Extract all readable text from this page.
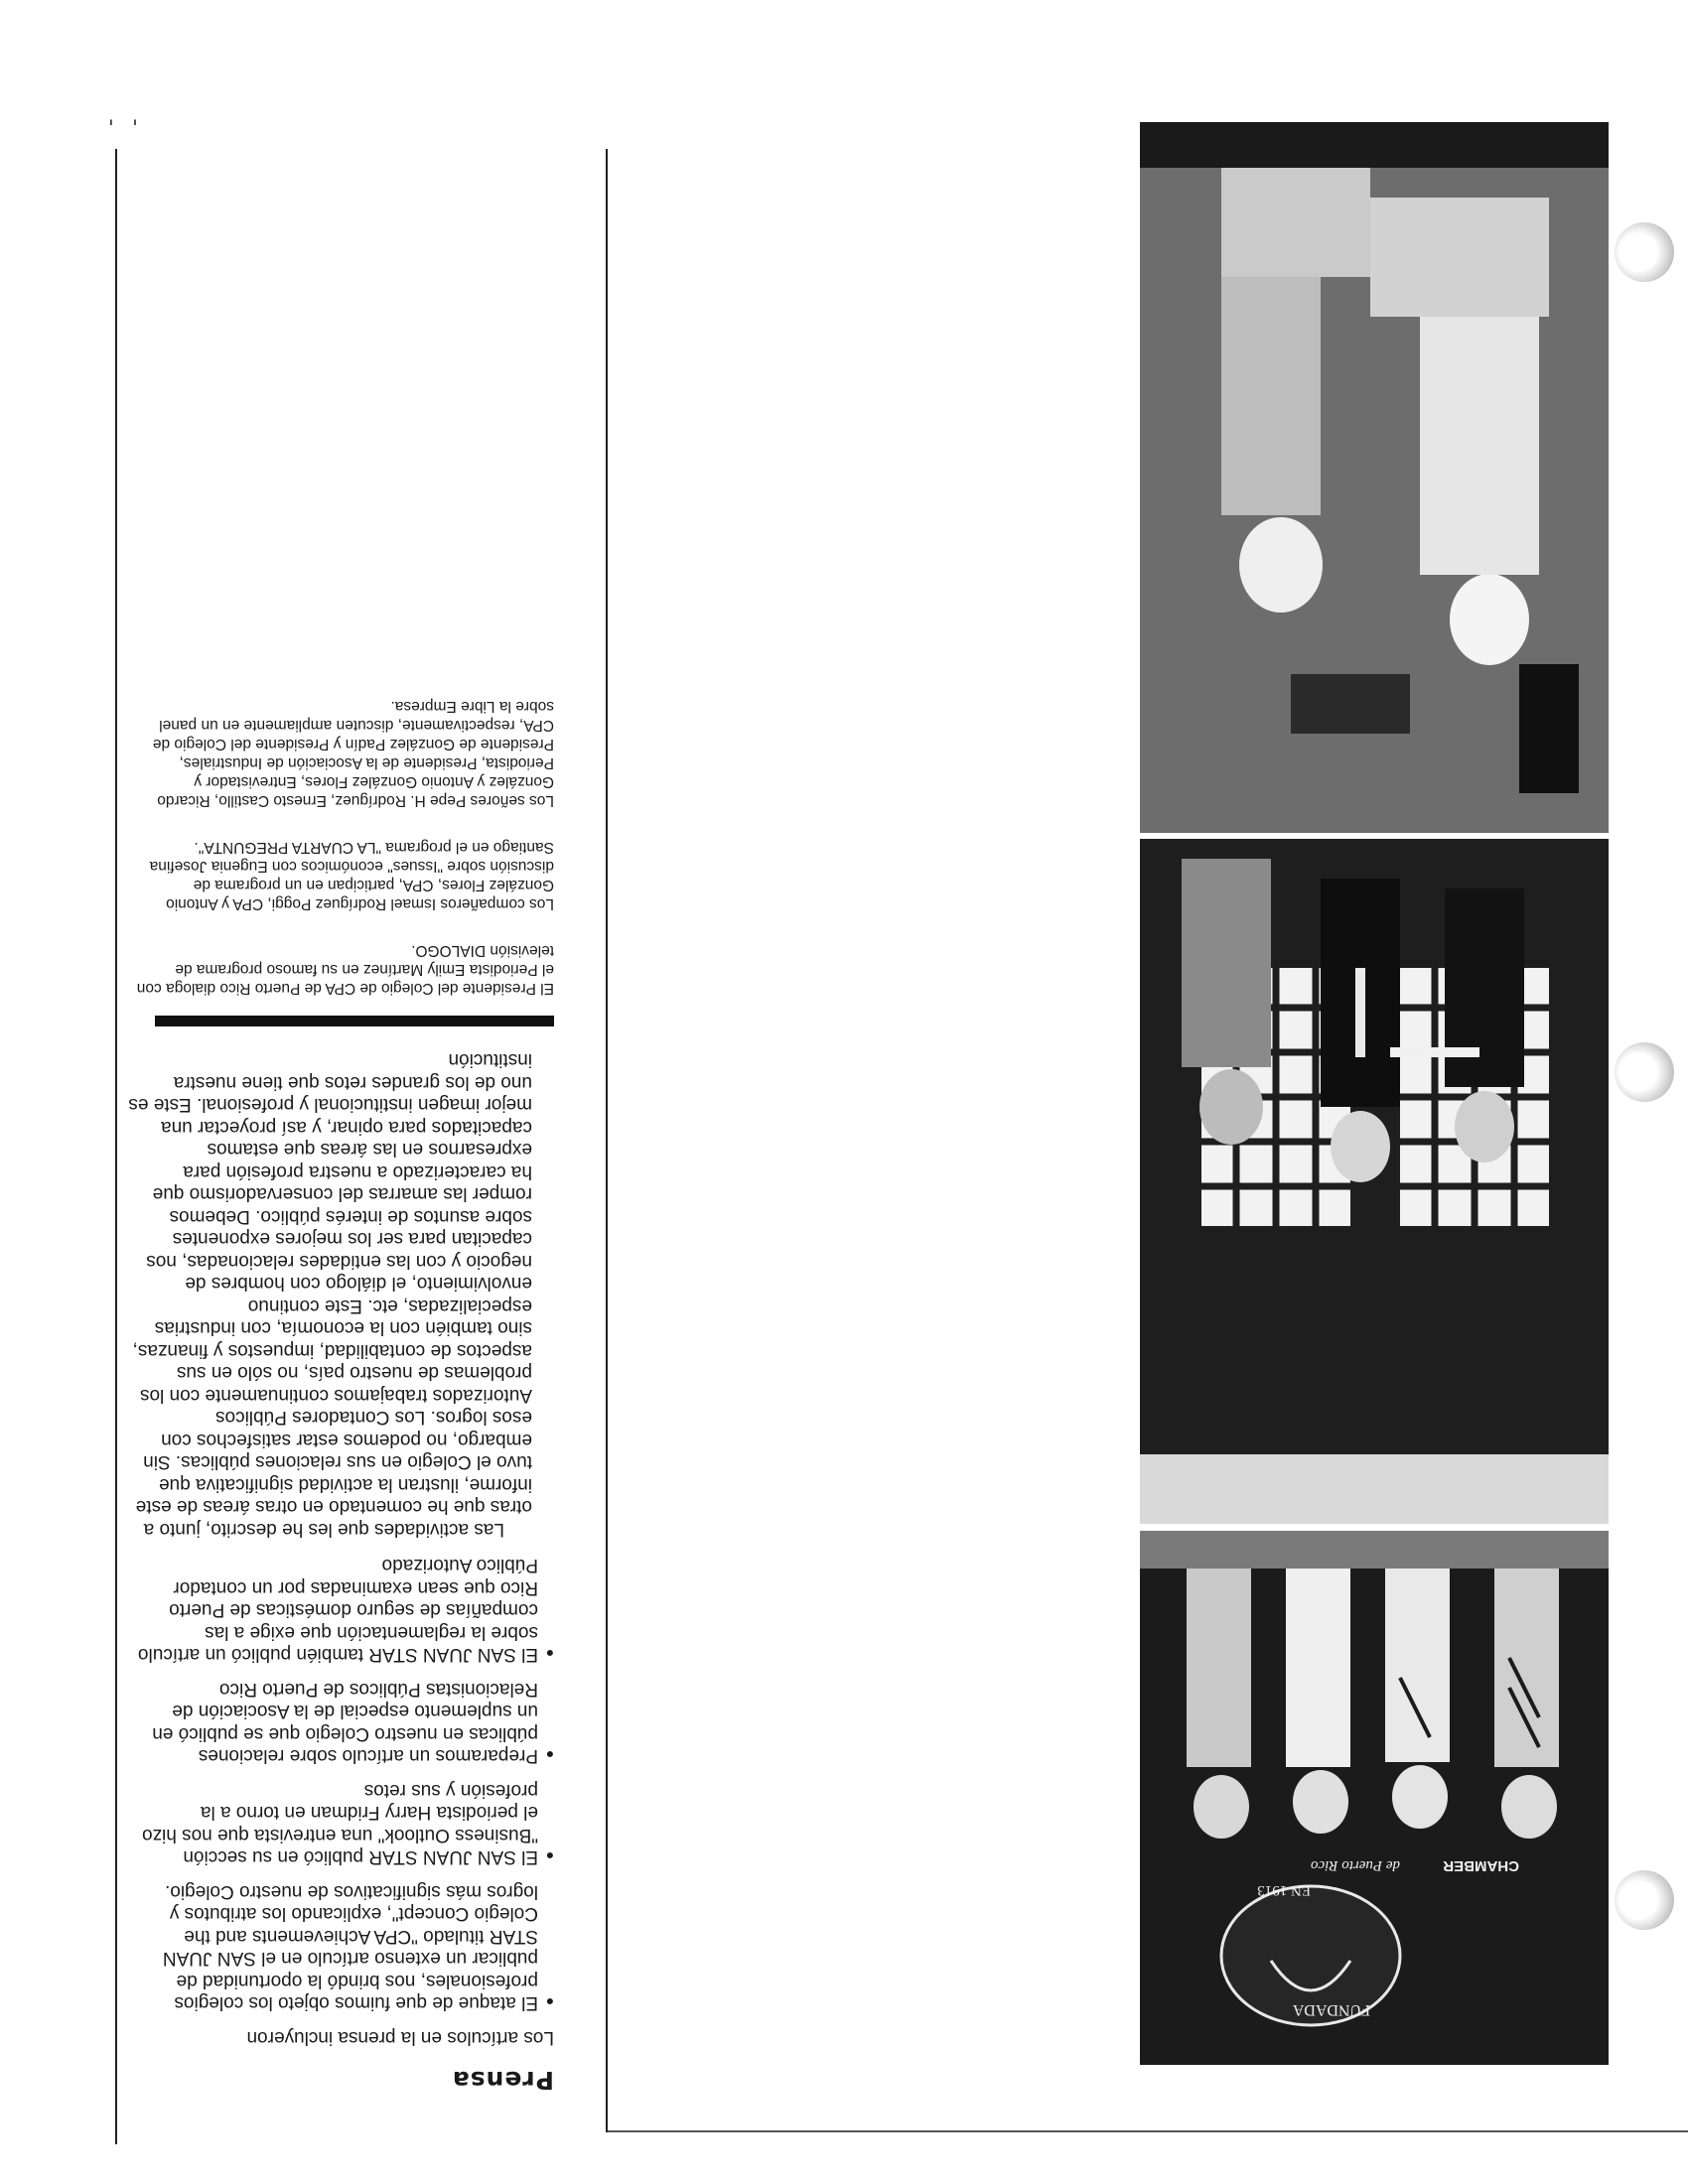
Prensa

Los artículos en la prensa incluyeron

●
El ataque de que fuimos objeto los colegios profesionales, nos brindó la oportunidad de publicar un extenso artículo en el SAN JUAN STAR titulado "CPA Achievements and the Colegio Concept", explicando los atributos y logros más significativos de nuestro Colegio.
●
El SAN JUAN STAR publicó en su sección "Business Outlook" una entrevista que nos hizo el periodista Harry Fridman en torno a la profesión y sus retos
●
Preparamos un artículo sobre relaciones públicas en nuestro Colegio que se publicó en un suplemento especial de la Asociación de Relacionistas Públicos de Puerto Rico
●
El SAN JUAN STAR también publicó un artículo sobre la reglamentación que exige a las compañías de seguro domésticas de Puerto Rico que sean examinadas por un contador Público Autorizado

Las actividades que les he descrito, junto a otras que he comentado en otras áreas de este informe, ilustran la actividad significativa que tuvo el Colegio en sus relaciones públicas. Sin embargo, no podemos estar satisfechos con esos logros. Los Contadores Públicos Autorizados trabajamos continuamente con los problemas de nuestro país, no sólo en sus aspectos de contabilidad, impuestos y finanzas, sino también con la economía, con industrias especializadas, etc. Este continuo envolvimiento, el diálogo con hombres de negocio y con las entidades relacionadas, nos capacitan para ser los mejores exponentes sobre asuntos de interés público. Debemos romper las amarras del conservadorismo que ha caracterizado a nuestra profesión para expresarnos en las áreas que estamos capacitados para opinar, y así proyectar una mejor imagen institucional y profesional. Este es uno de los grandes retos que tiene nuestra institución

El Presidente del Colegio de CPA de Puerto Rico dialoga con el Periodista Emily Martínez en su famoso programa de televisión DIALOGO.

Los compañeros Ismael Rodríguez Poggi, CPA y Antonio González Flores, CPA, participan en un programa de discusión sobre "Issues" económicos con Eugenia Josefina Santiago en el programa "LA CUARTA PREGUNTA".

Los señores Pepe H. Rodríguez, Ernesto Castillo, Ricardo González y Antonio González Flores, Entrevistador y Periodista, Presidente de la Asociación de Industriales, Presidente de González Padín y Presidente del Colegio de CPA, respectivamente, discuten ampliamente en un panel sobre la Libre Empresa.

FUNDADA
EN 1913
CHAMBER
de Puerto Rico
' '
